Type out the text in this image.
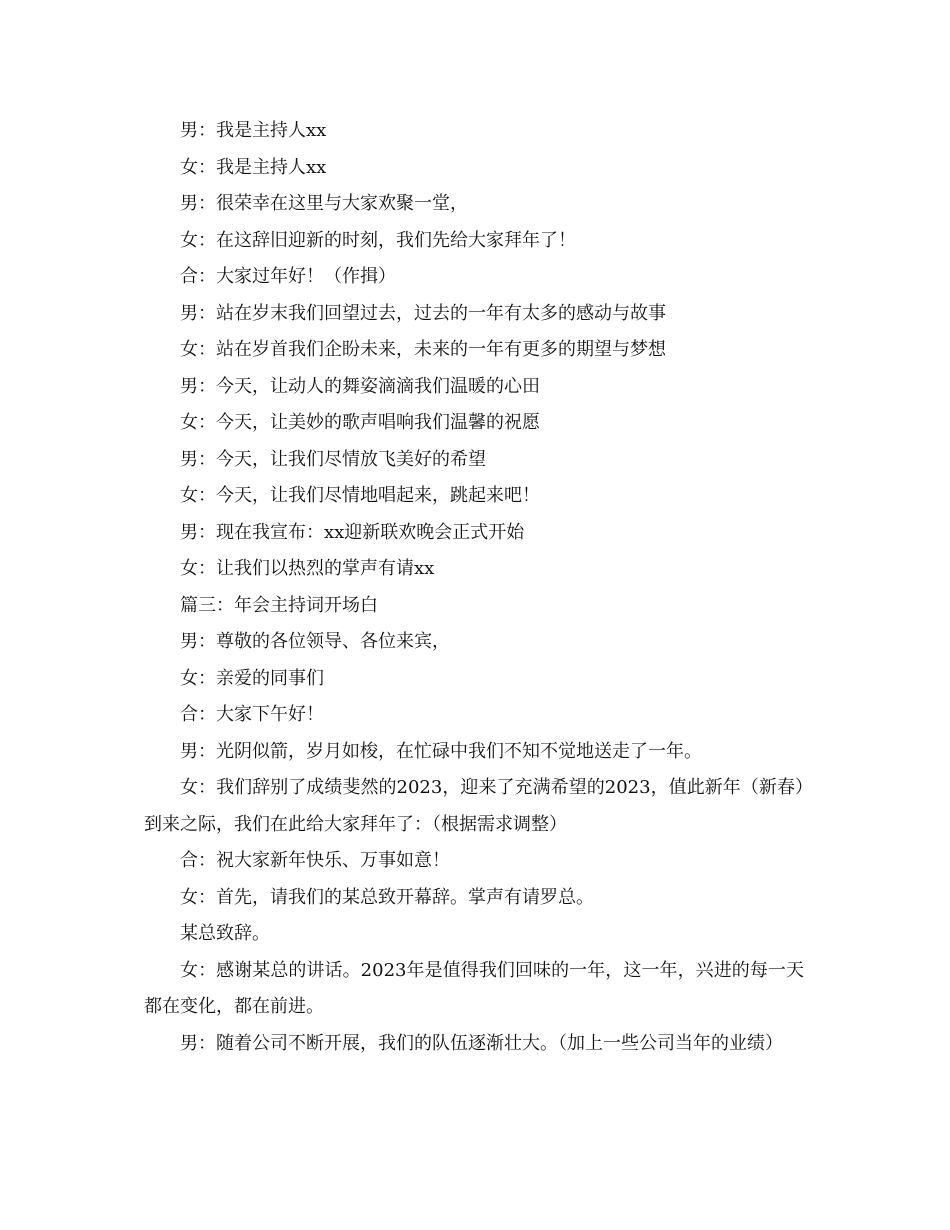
男：我是主持人xx

女：我是主持人xx

男：很荣幸在这里与大家欢聚一堂，

女：在这辞旧迎新的时刻，我们先给大家拜年了！

合：大家过年好！（作揖）

男：站在岁末我们回望过去，过去的一年有太多的感动与故事

女：站在岁首我们企盼未来，未来的一年有更多的期望与梦想

男：今天，让动人的舞姿滴滴我们温暖的心田

女：今天，让美妙的歌声唱响我们温馨的祝愿

男：今天，让我们尽情放飞美好的希望

女：今天，让我们尽情地唱起来，跳起来吧！

男：现在我宣布：xx迎新联欢晚会正式开始

女：让我们以热烈的掌声有请xx

篇三：年会主持词开场白

男：尊敬的各位领导、各位来宾，

女：亲爱的同事们

合：大家下午好！

男：光阴似箭，岁月如梭，在忙碌中我们不知不觉地送走了一年。

女：我们辞别了成绩斐然的2023，迎来了充满希望的2023，值此新年（新春）到来之际，我们在此给大家拜年了：（根据需求调整）

合：祝大家新年快乐、万事如意！

女：首先，请我们的某总致开幕辞。掌声有请罗总。

某总致辞。

女：感谢某总的讲话。2023年是值得我们回味的一年，这一年，兴进的每一天都在变化，都在前进。

男：随着公司不断开展，我们的队伍逐渐壮大。（加上一些公司当年的业绩）
